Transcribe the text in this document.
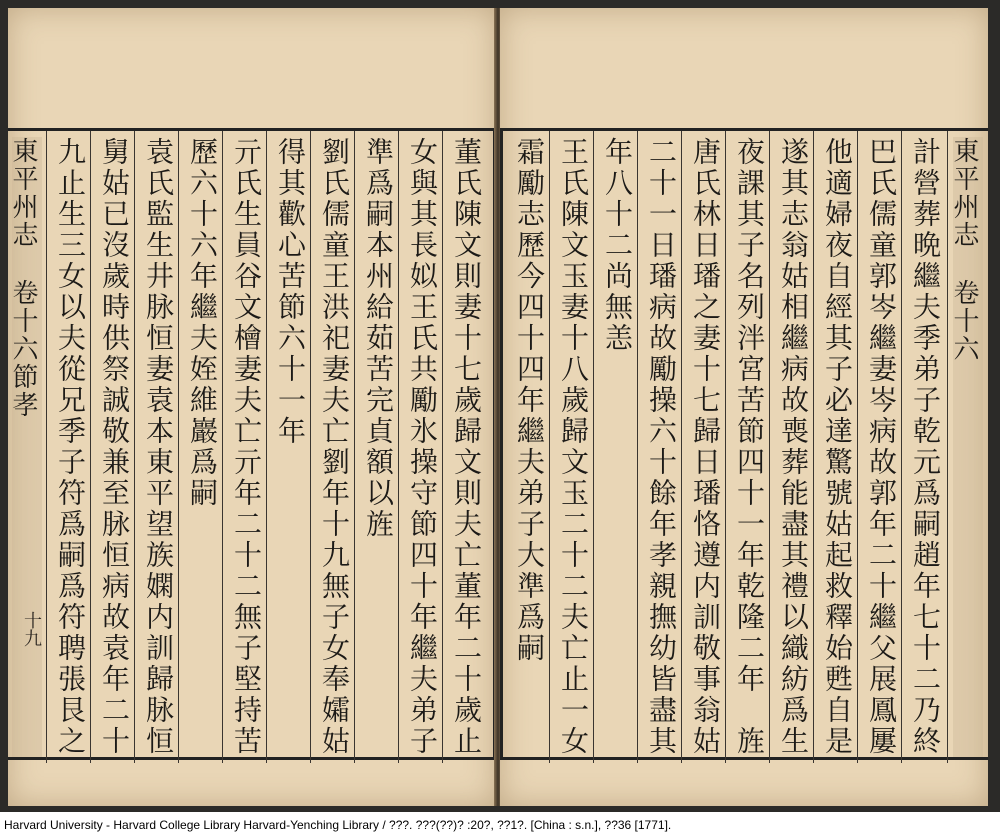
東平州志卷十六節孝
十九
董氏陳文則妻十七歲歸文則夫亡董年二十歲止
女與其長姒王氏共勵氷操守節四十年繼夫弟子
準爲嗣本州給茹苦完貞額以旌
劉氏儒童王洪祀妻夫亡劉年十九無子女奉孀姑
得其歡心苦節六十一年
亓氏生員谷文檜妻夫亡亓年二十二無子堅持苦
歷六十六年繼夫姪維巖爲嗣
袁氏監生井脉恒妻袁本東平望族嫻内訓歸脉恒
舅姑已沒歲時供祭誠敬兼至脉恒病故袁年二十
九止生三女以夫從兄季子符爲嗣爲符聘張艮之
東平州志卷十六
計營葬晩繼夫季弟子乾元爲嗣趙年七十二乃終
巴氏儒童郭岑繼妻岑病故郭年二十繼父展鳳屢
他適婦夜自經其子必達驚號姑起救釋始甦自是
遂其志翁姑相繼病故喪葬能盡其禮以織紡爲生
夜課其子名列泮宮苦節四十一年乾隆二年　旌
唐氏林日璠之妻十七歸日璠恪遵内訓敬事翁姑
二十一日璠病故勵操六十餘年孝親撫幼皆盡其
年八十二尚無恙
王氏陳文玉妻十八歲歸文玉二十二夫亡止一女
霜勵志歷今四十四年繼夫弟子大準爲嗣
Harvard University - Harvard College Library Harvard-Yenching Library / ???. ???(??)? :20?, ??1?. [China : s.n.], ??36 [1771].
